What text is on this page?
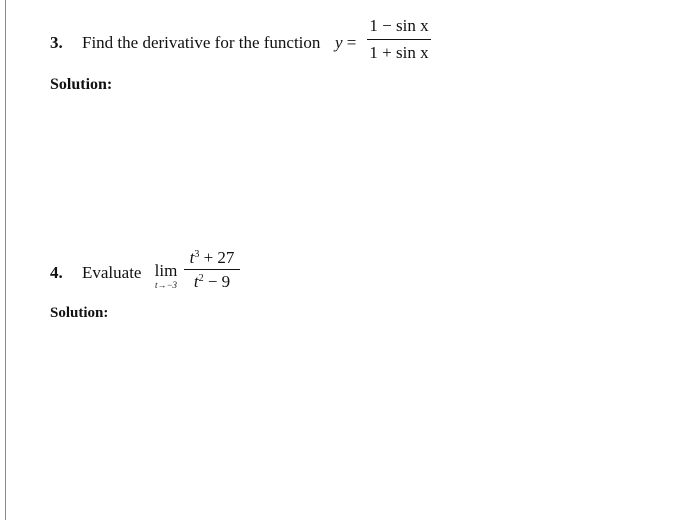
3. Find the derivative for the function y =
1 − sin x
1 + sin x
Solution:
4. Evaluate lim
t→−3
$t^3 + 27$
$t^2 - 9$
Solution:
